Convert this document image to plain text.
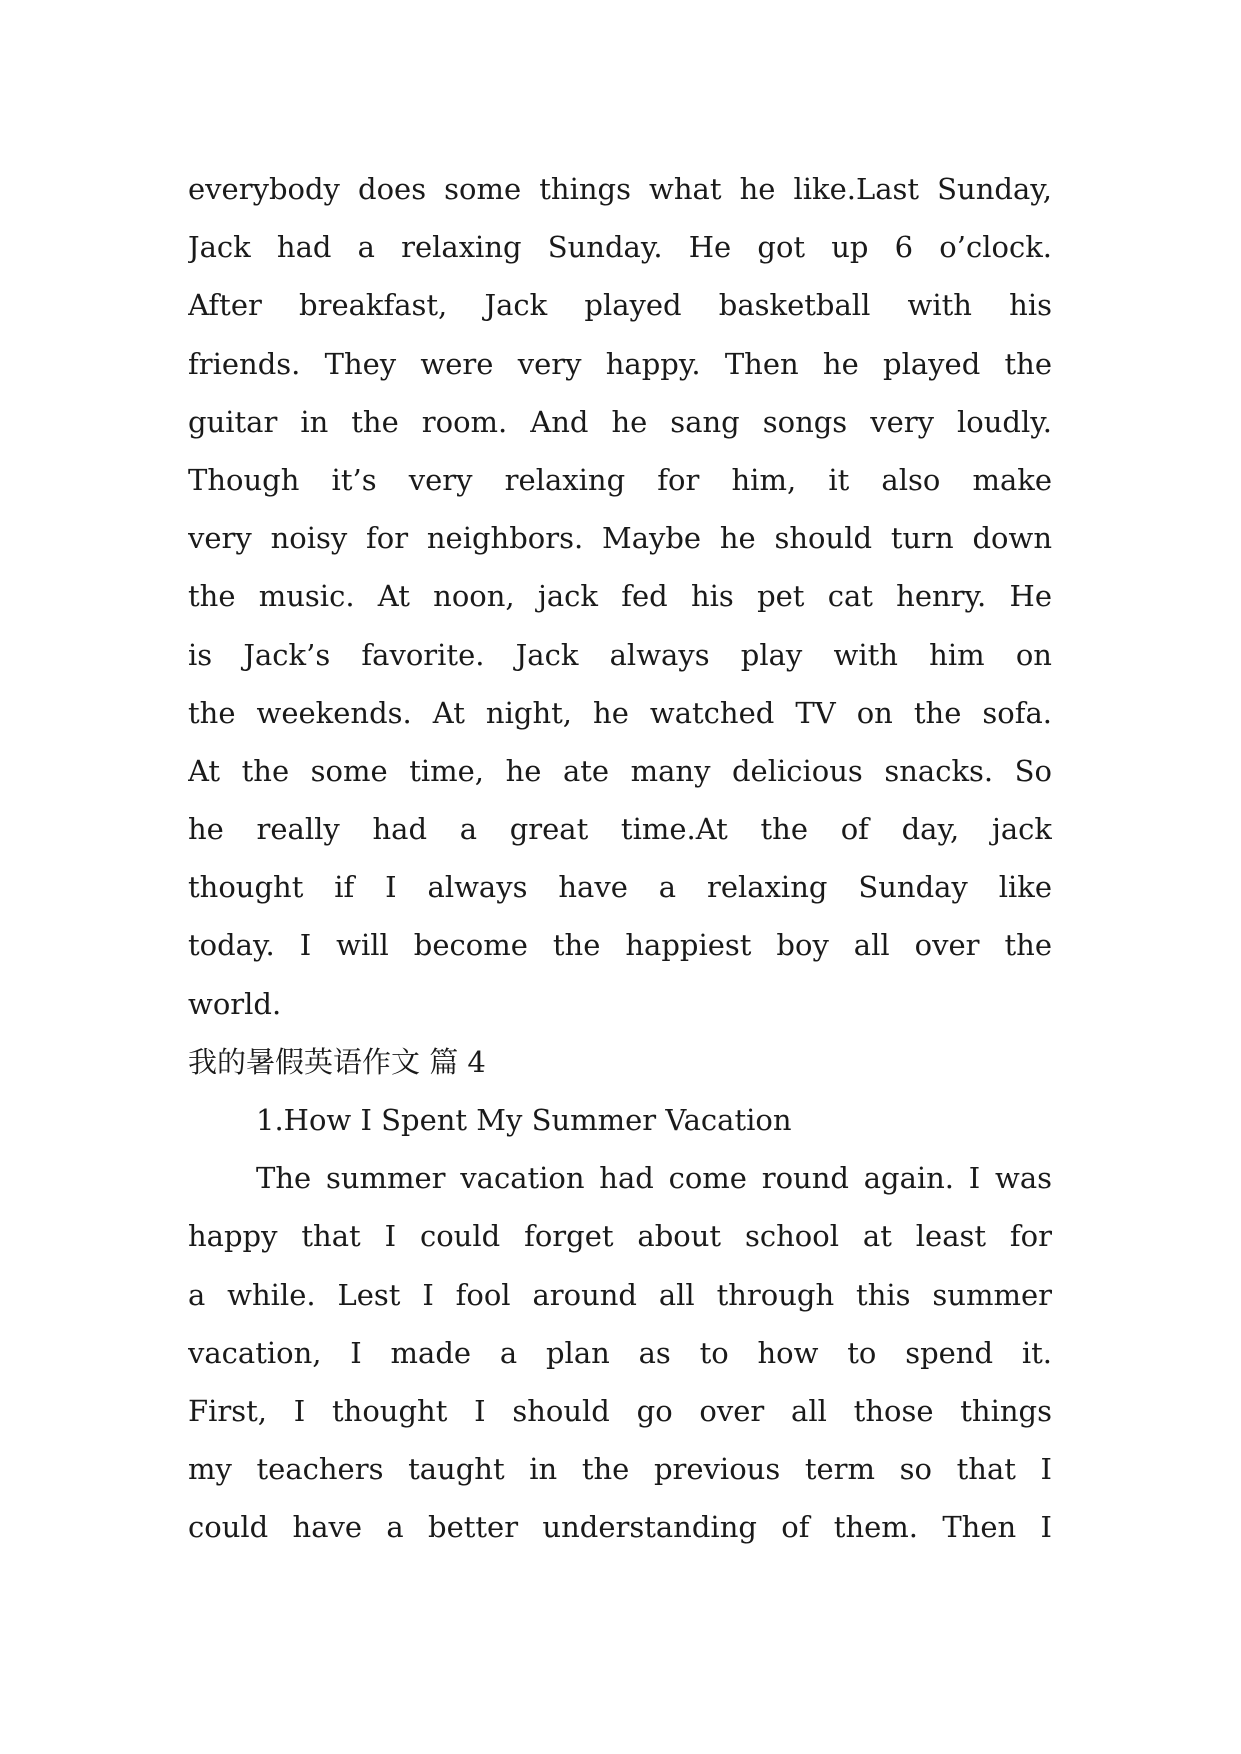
everybody does some things what he like.Last Sunday,
Jack had a relaxing Sunday. He got up 6 o’clock.
After breakfast, Jack played basketball with his
friends. They were very happy. Then he played the
guitar in the room. And he sang songs very loudly.
Though it’s very relaxing for him, it also make
very noisy for neighbors. Maybe he should turn down
the music. At noon, jack fed his pet cat henry. He
is Jack’s favorite. Jack always play with him on
the weekends. At night, he watched TV on the sofa.
At the some time, he ate many delicious snacks. So
he really had a great time.At the of day, jack
thought if I always have a relaxing Sunday like
today. I will become the happiest boy all over the
world.
我的暑假英语作文 篇 4
1.How I Spent My Summer Vacation
The summer vacation had come round again. I was
happy that I could forget about school at least for
a while. Lest I fool around all through this summer
vacation, I made a plan as to how to spend it.
First, I thought I should go over all those things
my teachers taught in the previous term so that I
could have a better understanding of them. Then I
